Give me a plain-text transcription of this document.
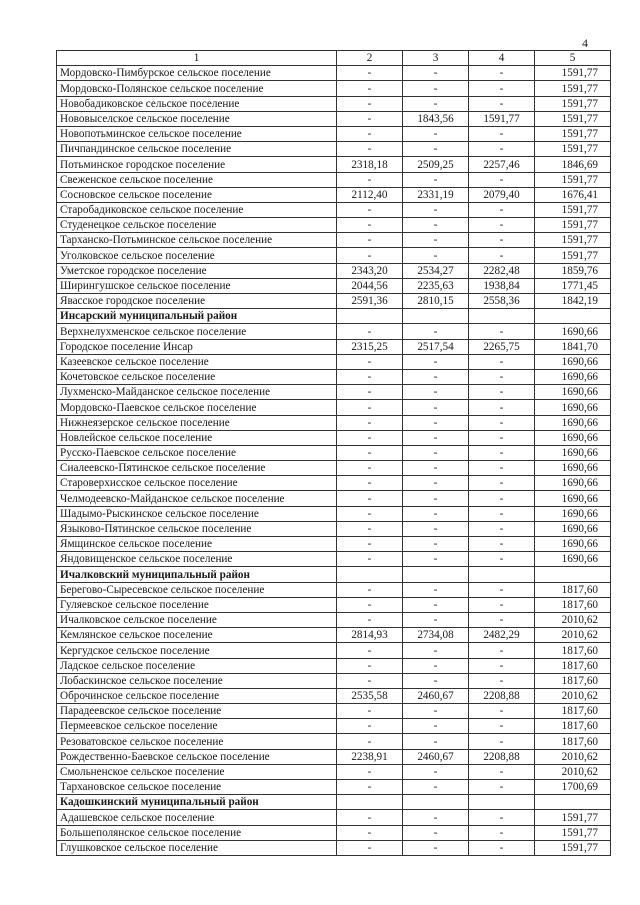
4
1	2	3	4	5
Мордовско-Пимбурское сельское поселение	-	-	-	1591,77
Мордовско-Полянское сельское поселение	-	-	-	1591,77
Новобадиковское сельское поселение	-	-	-	1591,77
Нововыселское сельское поселение	-	1843,56	1591,77	1591,77
Новопотьминское сельское поселение	-	-	-	1591,77
Пичпандинское сельское поселение	-	-	-	1591,77
Потьминское городское поселение	2318,18	2509,25	2257,46	1846,69
Свеженское сельское поселение	-	-	-	1591,77
Сосновское сельское поселение	2112,40	2331,19	2079,40	1676,41
Старобадиковское сельское поселение	-	-	-	1591,77
Студенецкое сельское поселение	-	-	-	1591,77
Тарханско-Потьминское сельское поселение	-	-	-	1591,77
Уголковское сельское поселение	-	-	-	1591,77
Уметское городское поселение	2343,20	2534,27	2282,48	1859,76
Ширингушское сельское поселение	2044,56	2235,63	1938,84	1771,45
Явасское городское поселение	2591,36	2810,15	2558,36	1842,19
Инсарский муниципальный район				
Верхнелухменское сельское поселение	-	-	-	1690,66
Городское поселение Инсар	2315,25	2517,54	2265,75	1841,70
Казеевское сельское поселение	-	-	-	1690,66
Кочетовское сельское поселение	-	-	-	1690,66
Лухменско-Майданское сельское поселение	-	-	-	1690,66
Мордовско-Паевское сельское поселение	-	-	-	1690,66
Нижнеязерское сельское поселение	-	-	-	1690,66
Новлейское сельское поселение	-	-	-	1690,66
Русско-Паевское сельское поселение	-	-	-	1690,66
Сиалеевско-Пятинское сельское поселение	-	-	-	1690,66
Староверхисское сельское поселение	-	-	-	1690,66
Челмодеевско-Майданское сельское поселение	-	-	-	1690,66
Шадымо-Рыскинское сельское поселение	-	-	-	1690,66
Языково-Пятинское сельское поселение	-	-	-	1690,66
Ямщинское сельское поселение	-	-	-	1690,66
Яндовищенское сельское поселение	-	-	-	1690,66
Ичалковский муниципальный район				
Берегово-Сыресевское сельское поселение	-	-	-	1817,60
Гуляевское сельское поселение	-	-	-	1817,60
Ичалковское сельское поселение	-	-	-	2010,62
Кемлянское сельское поселение	2814,93	2734,08	2482,29	2010,62
Кергудское сельское поселение	-	-	-	1817,60
Ладское сельское поселение	-	-	-	1817,60
Лобаскинское сельское поселение	-	-	-	1817,60
Оброчинское сельское поселение	2535,58	2460,67	2208,88	2010,62
Парадеевское сельское поселение	-	-	-	1817,60
Пермеевское сельское поселение	-	-	-	1817,60
Резоватовское сельское поселение	-	-	-	1817,60
Рождественно-Баевское сельское поселение	2238,91	2460,67	2208,88	2010,62
Смольненское сельское поселение	-	-	-	2010,62
Тархановское сельское поселение	-	-	-	1700,69
Кадошкинский муниципальный район				
Адашевское сельское поселение	-	-	-	1591,77
Большеполянское сельское поселение	-	-	-	1591,77
Глушковское сельское поселение	-	-	-	1591,77
